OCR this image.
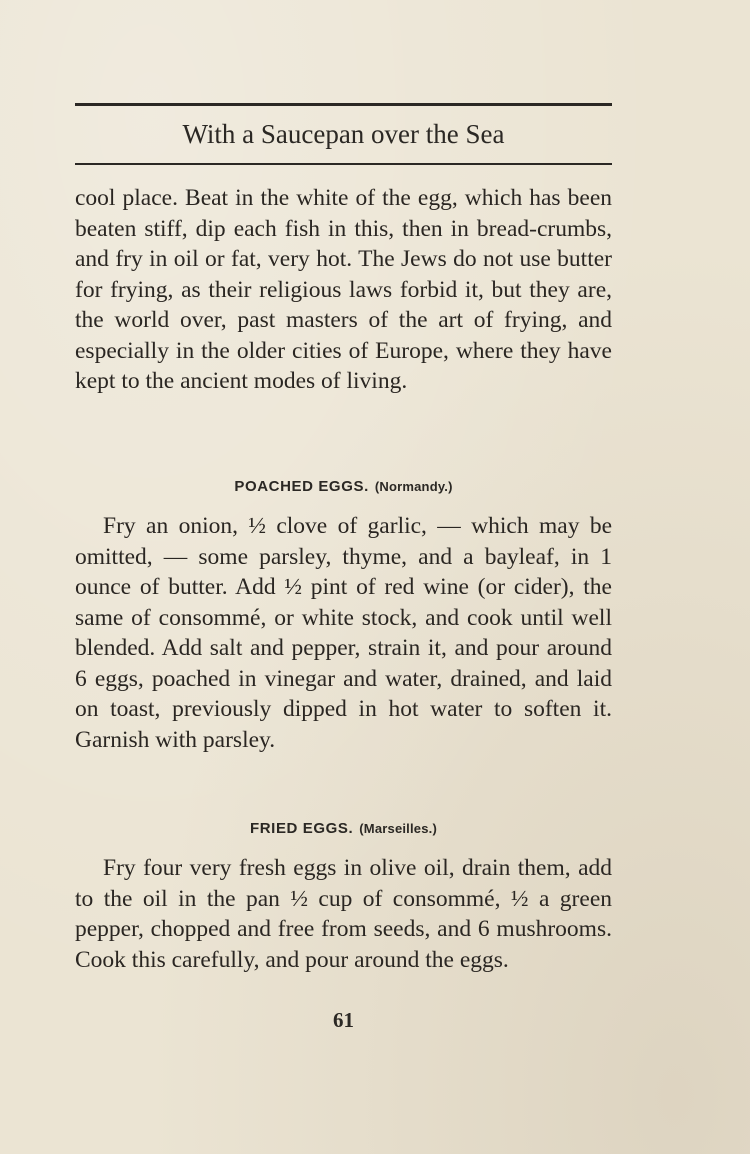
With a Saucepan over the Sea

cool place. Beat in the white of the egg, which has been beaten stiff, dip each fish in this, then in bread-crumbs, and fry in oil or fat, very hot. The Jews do not use butter for frying, as their religious laws forbid it, but they are, the world over, past masters of the art of frying, and especially in the older cities of Europe, where they have kept to the ancient modes of living.

POACHED EGGS. (Normandy.)

Fry an onion, ½ clove of garlic, — which may be omitted, — some parsley, thyme, and a bayleaf, in 1 ounce of butter. Add ½ pint of red wine (or cider), the same of consommé, or white stock, and cook until well blended. Add salt and pepper, strain it, and pour around 6 eggs, poached in vinegar and water, drained, and laid on toast, previously dipped in hot water to soften it. Garnish with parsley.

FRIED EGGS. (Marseilles.)

Fry four very fresh eggs in olive oil, drain them, add to the oil in the pan ½ cup of consommé, ½ a green pepper, chopped and free from seeds, and 6 mushrooms. Cook this carefully, and pour around the eggs.

61
